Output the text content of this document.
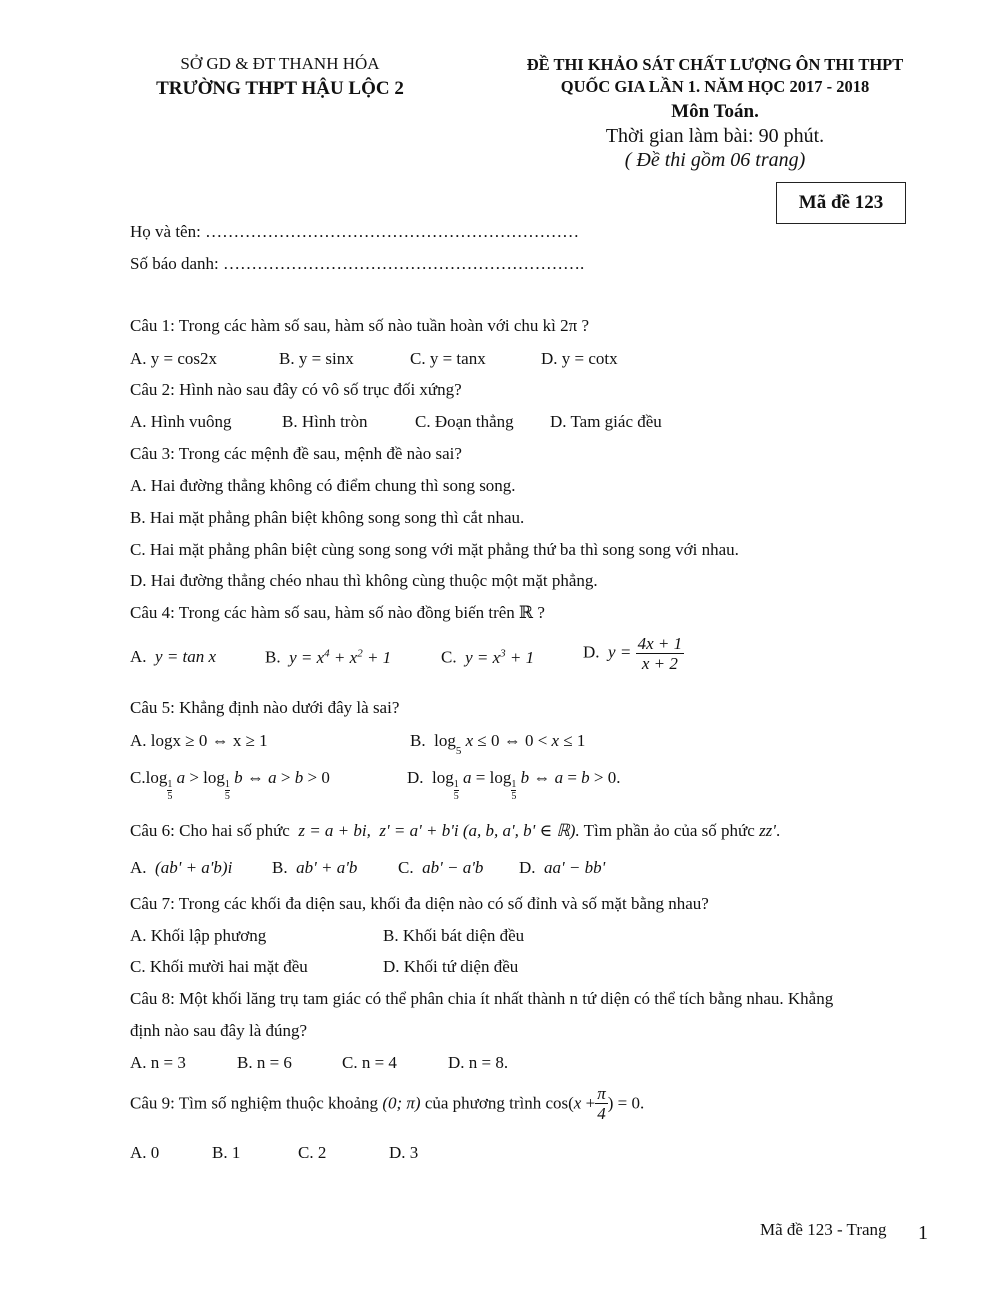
SỞ GD & ĐT THANH HÓA
TRƯỜNG THPT HẬU LỘC 2
ĐỀ THI KHẢO SÁT CHẤT LƯỢNG ÔN THI THPT
QUỐC GIA LẦN 1. NĂM HỌC 2017 - 2018
Môn Toán.
Thời gian làm bài: 90 phút.
( Đề thi gồm 06 trang)
Mã đề 123
Họ và tên: …………………………………………………………
Số báo danh: ……………………………………………………….
Câu 1: Trong các hàm số sau, hàm số nào tuần hoàn với chu kì 2π ?
A. y = cos2x	B. y = sinx	C. y = tanx	D. y = cotx
Câu 2: Hình nào sau đây có vô số trục đối xứng?
A. Hình vuông	B. Hình tròn	C. Đoạn thẳng D. Tam giác đều
Câu 3: Trong các mệnh đề sau, mệnh đề nào sai?
A. Hai đường thẳng không có điểm chung thì song song.
B. Hai mặt phẳng phân biệt không song song thì cắt nhau.
C. Hai mặt phẳng phân biệt cùng song song với mặt phẳng thứ ba thì song song với nhau.
D. Hai đường thẳng chéo nhau thì không cùng thuộc một mặt phẳng.
Câu 4: Trong các hàm số sau, hàm số nào đồng biến trên ℝ ?
A. y = tan x	B. $y = x^4 + x^2 + 1$	C. $y = x^3 + 1$	D. $y = \frac{4x + 1}{x + 2}$
Câu 5: Khẳng định nào dưới đây là sai?
A. logx ≥ 0 ⇔ x ≥ 1	B. $\log_5 x \le 0$ ⇔ 0 < x ≤ 1
C.log
$\frac{1}{5}$
a > log
$\frac{1}{5}$
b ⇔ a > b > 0	D. log
$\frac{1}{5}$
a = log
$\frac{1}{5}$
b ⇔ a = b > 0.
Câu 6: Cho hai số phức z = a + bi,  z' = a' + b'i (a, b, a', b' ∈ ℝ). Tìm phần ảo của số phức zz'.
A. (ab' + a'b)i B. ab' + a'b C. ab' − a'b D. aa' − bb'
Câu 7: Trong các khối đa diện sau, khối đa diện nào có số đỉnh và số mặt bằng nhau?
A. Khối lập phương	B. Khối bát diện đều
C. Khối mười hai mặt đều	D. Khối tứ diện đều
Câu 8: Một khối lăng trụ tam giác có thể phân chia ít nhất thành n tứ diện có thể tích bằng nhau. Khẳng
định nào sau đây là đúng?
A. n = 3	B. n = 6	C. n = 4	D. n = 8.
Câu 9: Tìm số nghiệm thuộc khoảng (0; π) của phương trình $\cos(x + \frac{\pi}{4}$ ) = 0.
A. 0	B. 1	C. 2	D. 3
Mã đề 123 - Trang 1
